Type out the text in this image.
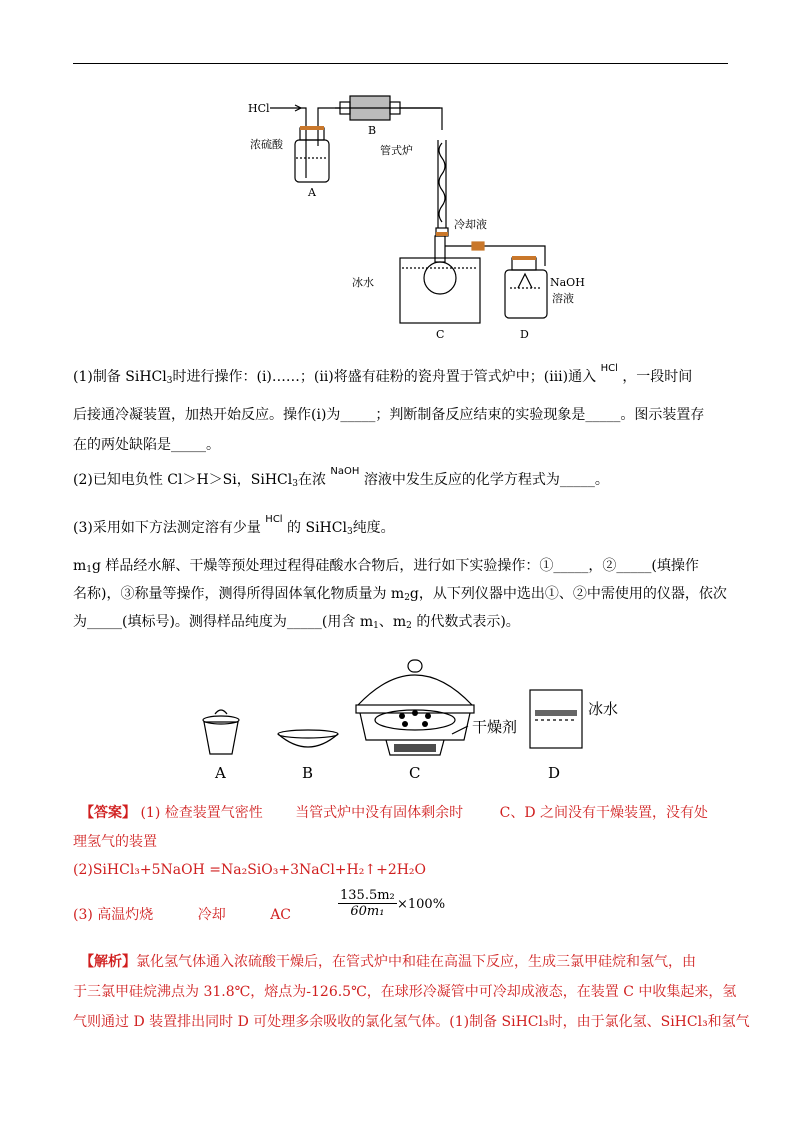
HCl
浓硫酸
A
B
管式炉
冷却液
冰水	NaOH
溶液
C	D
(1)制备 SiHCl$_3$时进行操作：(ⅰ)……；(ⅱ)将盛有硅粉的瓷舟置于管式炉中；(iii)通入 $^{HCl}$ ，一段时间
后接通冷凝装置，加热开始反应。操作(ⅰ)为_____；判断制备反应结束的实验现象是_____。图示装置存
在的两处缺陷是_____。
(2)已知电负性 Cl＞H＞Si，SiHCl$_3$在浓 $^{NaOH}$ 溶液中发生反应的化学方程式为_____。
(3)采用如下方法测定溶有少量 $^{HCl}$ 的 SiHCl$_3$纯度。
$m_1g$ 样品经水解、干燥等预处理过程得硅酸水合物后，进行如下实验操作：①_____，②_____(填操作
名称)，③称量等操作，测得所得固体氧化物质量为 $m_2g$，从下列仪器中选出①、②中需使用的仪器，依次
为_____(填标号)。测得样品纯度为_____(用含 $m_1$、$m_2$ 的代数式表示)。
干燥剂
冰水
A	B	C	D
【答案】 (1) 检查装置气密性 当管式炉中没有固体剩余时	C、D 之间没有干燥装置，没有处
理氢气的装置
(2)SiHCl₃+5NaOH =Na₂SiO₃+3NaCl+H₂↑+2H₂O
(3) 高温灼烧	冷却	AC
135.5m₂
60m₁ ×100%
【解析】氯化氢气体通入浓硫酸干燥后，在管式炉中和硅在高温下反应，生成三氯甲硅烷和氢气，由
于三氯甲硅烷沸点为 31.8℃，熔点为-126.5℃，在球形冷凝管中可冷却成液态，在装置 C 中收集起来，氢
气则通过 D 装置排出同时 D 可处理多余吸收的氯化氢气体。(1)制备 SiHCl₃时，由于氯化氢、SiHCl₃和氢气
